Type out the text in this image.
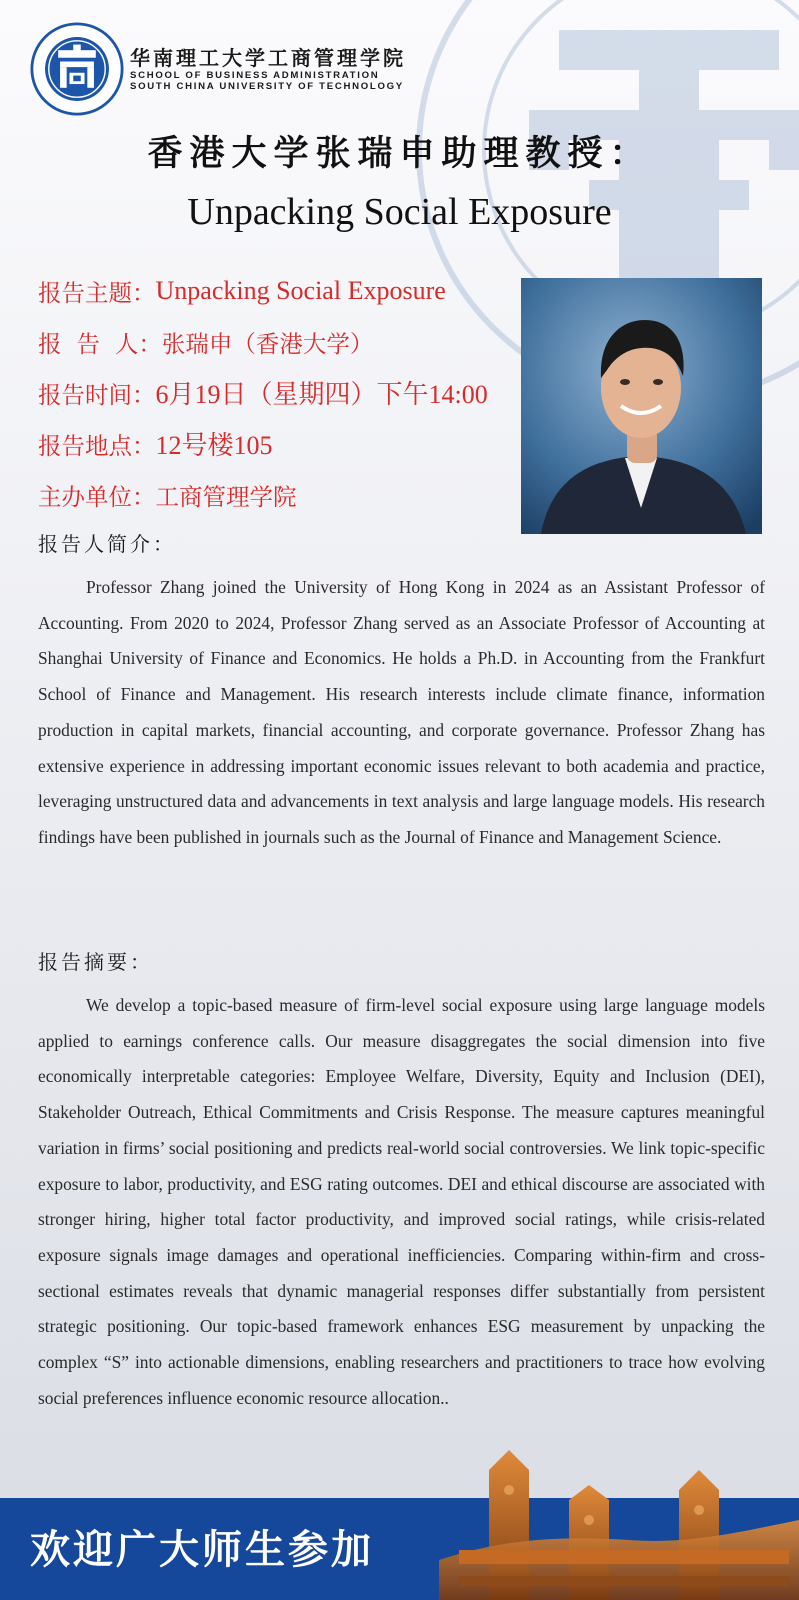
华南理工大学工商管理学院
SCHOOL OF BUSINESS ADMINISTRATION
SOUTH CHINA UNIVERSITY OF TECHNOLOGY
香港大学张瑞申助理教授：
Unpacking Social Exposure
报告主题： Unpacking Social Exposure
报  告  人： 张瑞申（香港大学）
报告时间： 6月19日（星期四）下午14:00
报告地点： 12号楼105
主办单位： 工商管理学院
报告人简介：

Professor Zhang joined the University of Hong Kong in 2024 as an Assistant Professor of Accounting. From 2020 to 2024, Professor Zhang served as an Associate Professor of Accounting at Shanghai University of Finance and Economics. He holds a Ph.D. in Accounting from the Frankfurt School of Finance and Management. His research interests include climate finance, information production in capital markets, financial accounting, and corporate governance. Professor Zhang has extensive experience in addressing important economic issues relevant to both academia and practice, leveraging unstructured data and advancements in text analysis and large language models. His research findings have been published in journals such as the Journal of Finance and Management Science.

报告摘要：

We develop a topic-based measure of firm-level social exposure using large language models applied to earnings conference calls. Our measure disaggregates the social dimension into five economically interpretable categories: Employee Welfare, Diversity, Equity and Inclusion (DEI), Stakeholder Outreach, Ethical Commitments and Crisis Response. The measure captures meaningful variation in firms’ social positioning and predicts real-world social controversies. We link topic-specific exposure to labor, productivity, and ESG rating outcomes. DEI and ethical discourse are associated with stronger hiring, higher total factor productivity, and improved social ratings, while crisis-related exposure signals image damages and operational inefficiencies. Comparing within-firm and cross-sectional estimates reveals that dynamic managerial responses differ substantially from persistent strategic positioning. Our topic-based framework enhances ESG measurement by unpacking the complex “S” into actionable dimensions, enabling researchers and practitioners to trace how evolving social preferences influence economic resource allocation..

欢迎广大师生参加
